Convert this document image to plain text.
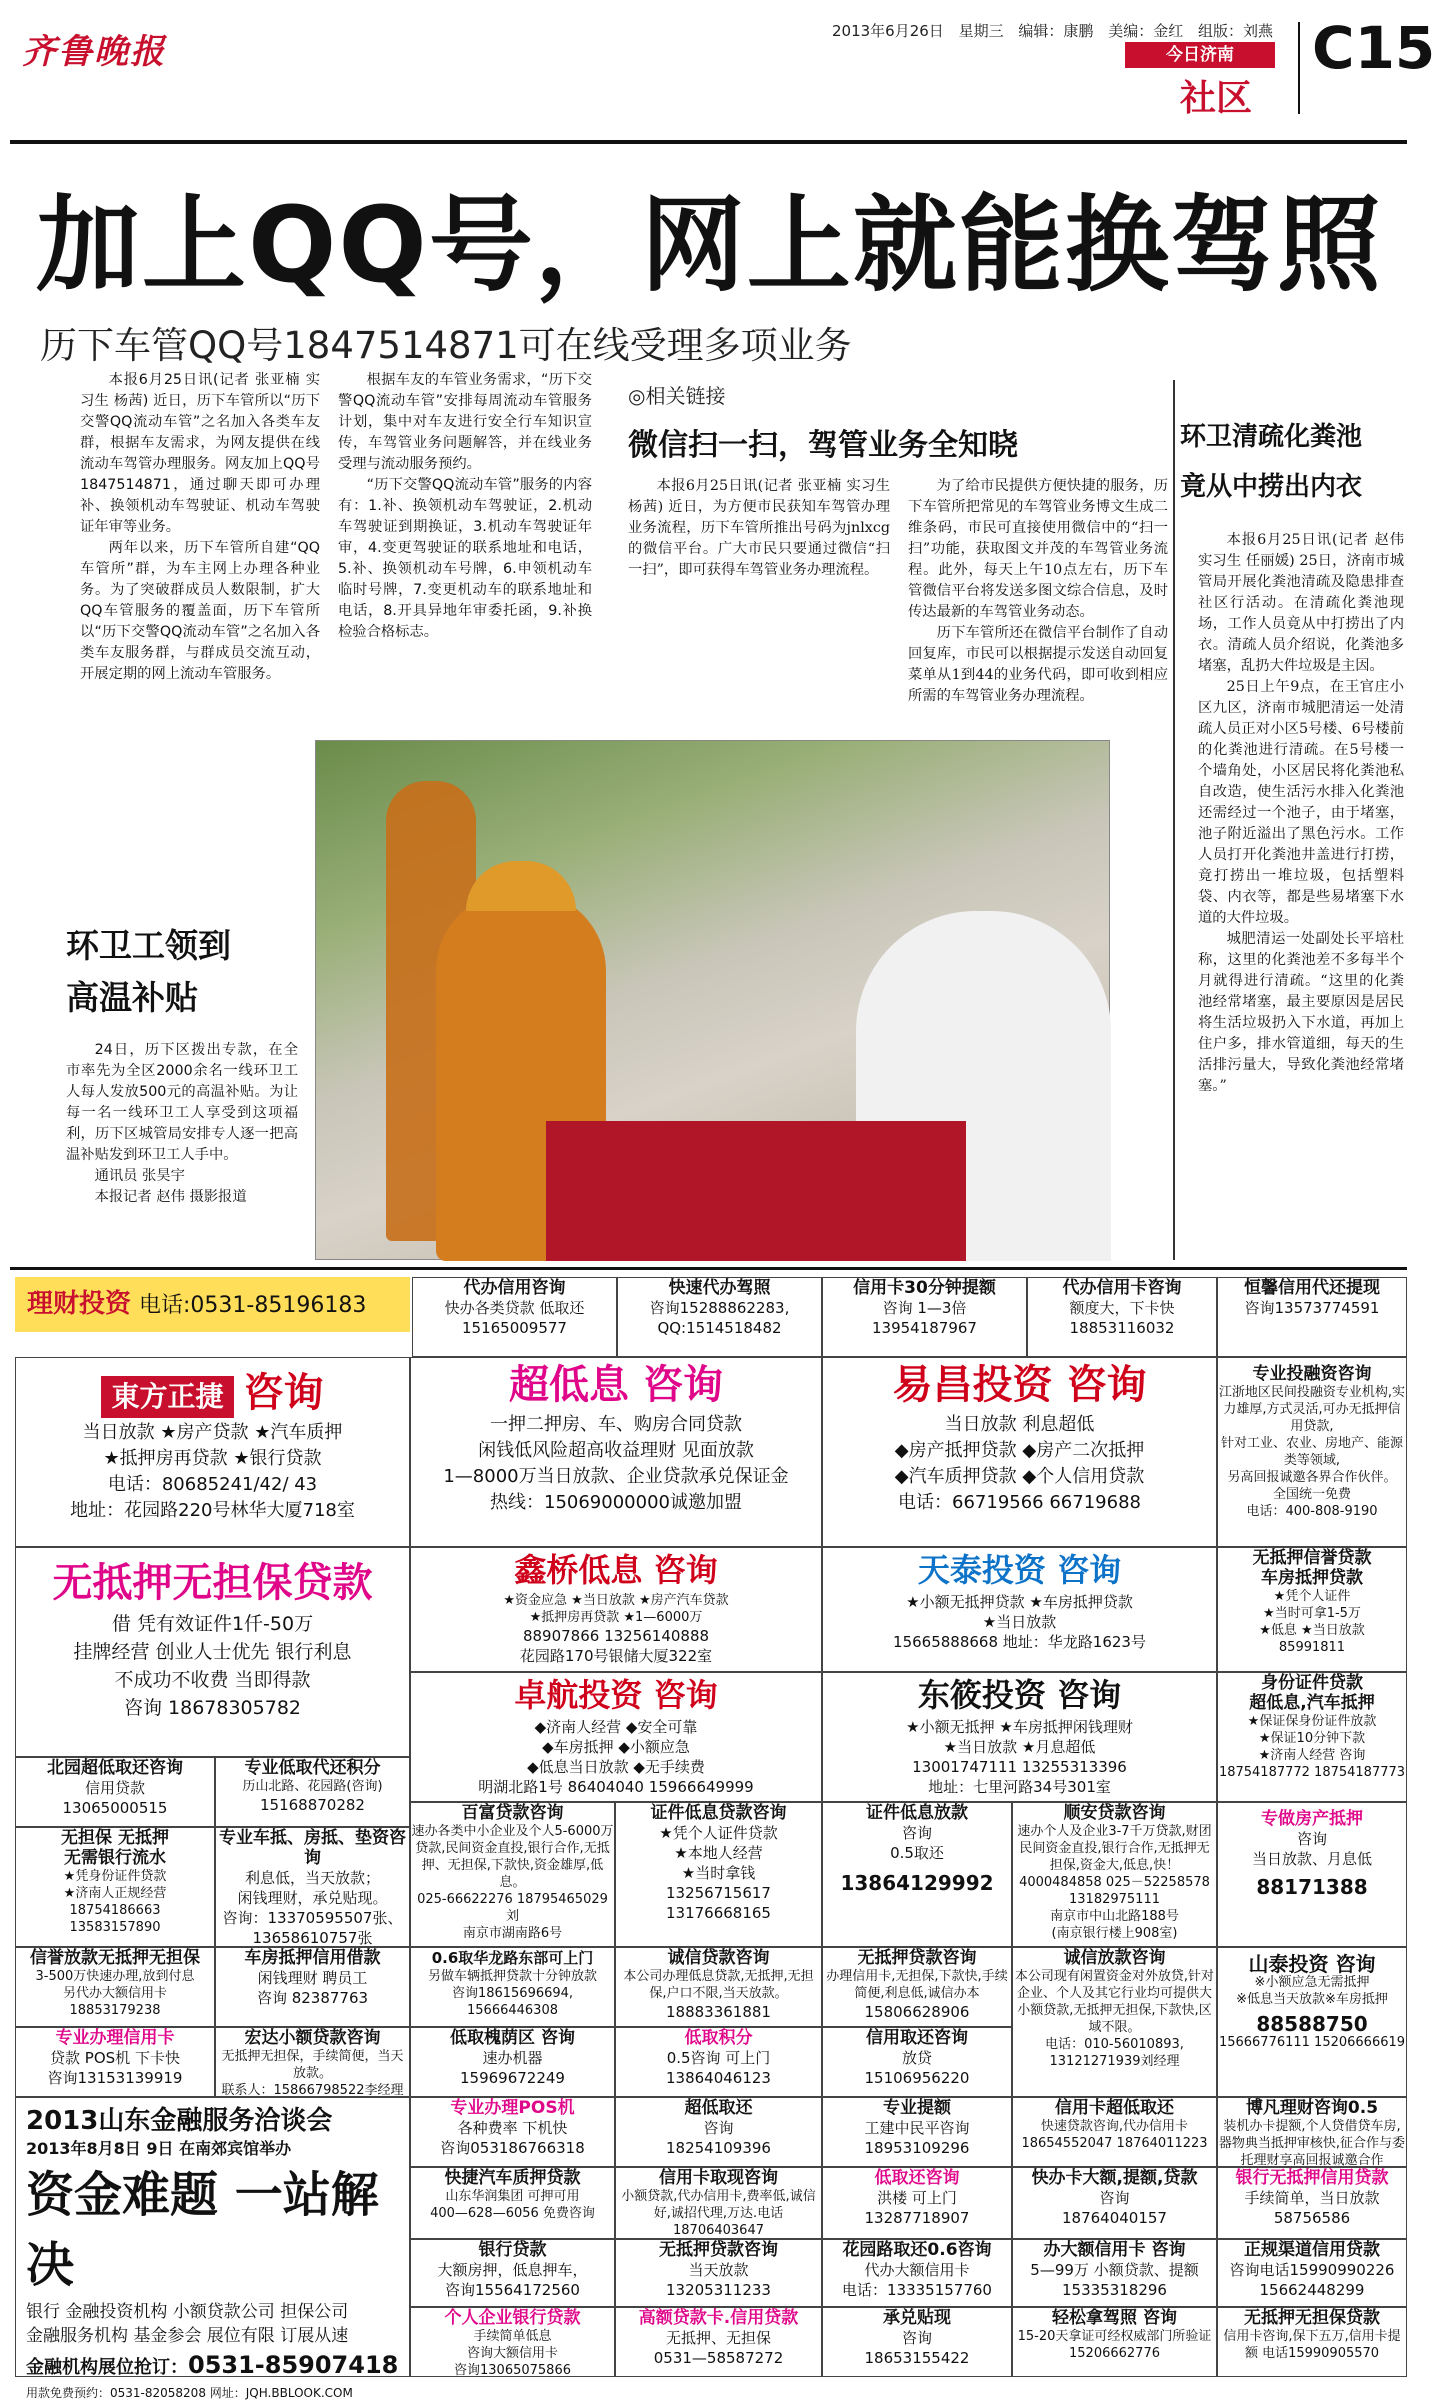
齐鲁晚报
2013年6月26日 星期三 编辑：康鹏 美编：金红 组版：刘燕
今日济南
社区
C15
加上QQ号，网上就能换驾照
历下车管QQ号1847514871可在线受理多项业务

本报6月25日讯(记者 张亚楠 实习生 杨茜) 近日，历下车管所以“历下交警QQ流动车管”之名加入各类车友群，根据车友需求，为网友提供在线流动车驾管办理服务。网友加上QQ号1847514871，通过聊天即可办理补、换领机动车驾驶证、机动车驾驶证年审等业务。

两年以来，历下车管所自建“QQ车管所”群，为车主网上办理各种业务。为了突破群成员人数限制，扩大QQ车管服务的覆盖面，历下车管所以“历下交警QQ流动车管”之名加入各类车友服务群，与群成员交流互动，开展定期的网上流动车管服务。

根据车友的车管业务需求，“历下交警QQ流动车管”安排每周流动车管服务计划，集中对车友进行安全行车知识宣传，车驾管业务问题解答，并在线业务受理与流动服务预约。

“历下交警QQ流动车管”服务的内容有：1.补、换领机动车驾驶证，2.机动车驾驶证到期换证，3.机动车驾驶证年审，4.变更驾驶证的联系地址和电话，5.补、换领机动车号牌，6.申领机动车临时号牌，7.变更机动车的联系地址和电话，8.开具异地年审委托函，9.补换检验合格标志。

◎相关链接
微信扫一扫，驾管业务全知晓

本报6月25日讯(记者 张亚楠 实习生 杨茜) 近日，为方便市民获知车驾管办理业务流程，历下车管所推出号码为jnlxcg的微信平台。广大市民只要通过微信“扫一扫”，即可获得车驾管业务办理流程。

为了给市民提供方便快捷的服务，历下车管所把常见的车驾管业务博文生成二维条码，市民可直接使用微信中的“扫一扫”功能，获取图文并茂的车驾管业务流程。此外，每天上午10点左右，历下车管微信平台将发送多图文综合信息，及时传达最新的车驾管业务动态。

历下车管所还在微信平台制作了自动回复库，市民可以根据提示发送自动回复菜单从1到44的业务代码，即可收到相应所需的车驾管业务办理流程。

环卫清疏化粪池
竟从中捞出内衣

本报6月25日讯(记者 赵伟 实习生 任丽媛) 25日，济南市城管局开展化粪池清疏及隐患排查社区行活动。在清疏化粪池现场，工作人员竟从中打捞出了内衣。清疏人员介绍说，化粪池多堵塞，乱扔大件垃圾是主因。

25日上午9点，在王官庄小区九区，济南市城肥清运一处清疏人员正对小区5号楼、6号楼前的化粪池进行清疏。在5号楼一个墙角处，小区居民将化粪池私自改造，使生活污水排入化粪池还需经过一个池子，由于堵塞，池子附近溢出了黑色污水。工作人员打开化粪池井盖进行打捞，竟打捞出一堆垃圾，包括塑料袋、内衣等，都是些易堵塞下水道的大件垃圾。

城肥清运一处副处长平培杜称，这里的化粪池差不多每半个月就得进行清疏。“这里的化粪池经常堵塞，最主要原因是居民将生活垃圾扔入下水道，再加上住户多，排水管道细，每天的生活排污量大，导致化粪池经常堵塞。”

环卫工领到
高温补贴

24日，历下区拨出专款，在全市率先为全区2000余名一线环卫工人每人发放500元的高温补贴。为让每一名一线环卫工人享受到这项福利，历下区城管局安排专人逐一把高温补贴发到环卫工人手中。

通讯员 张昊宇
本报记者 赵伟 摄影报道
理财投资 电话:0531-85196183
代办信用咨询
快办各类贷款 低取还
15165009577
快速代办驾照
咨询15288862283,
QQ:1514518482
信用卡30分钟提额
咨询 1—3倍
13954187967
代办信用卡咨询
额度大，下卡快
18853116032
恒馨信用代还提现
咨询13573774591
東方正捷 咨询
当日放款 ★房产贷款 ★汽车质押
★抵押房再贷款 ★银行贷款
电话：80685241/42/ 43
地址：花园路220号林华大厦718室
超低息 咨询
一押二押房、车、购房合同贷款
闲钱低风险超高收益理财 见面放款
1—8000万当日放款、企业贷款承兑保证金
热线：15069000000诚邀加盟
易昌投资 咨询
当日放款 利息超低
◆房产抵押贷款 ◆房产二次抵押
◆汽车质押贷款 ◆个人信用贷款
电话：66719566 66719688
专业投融资咨询
江浙地区民间投融资专业机构,实力雄厚,方式灵活,可办无抵押信用贷款,
针对工业、农业、房地产、能源类等领域,
另高回报诚邀各界合作伙伴。
全国统一免费
电话：400-808-9190
无抵押无担保贷款
借 凭有效证件1仟-50万
挂牌经营 创业人士优先 银行利息
不成功不收费 当即得款
咨询 18678305782
鑫桥低息 咨询
★资金应急 ★当日放款 ★房产汽车贷款
★抵押房再贷款 ★1—6000万
88907866 13256140888
花园路170号银储大厦322室
天泰投资 咨询
★小额无抵押贷款 ★车房抵押贷款
★当日放款
15665888668 地址：华龙路1623号
无抵押信誉贷款
车房抵押贷款
★凭个人证件
★当时可拿1-5万
★低息 ★当日放款
85991811
卓航投资 咨询
◆济南人经营 ◆安全可靠
◆车房抵押 ◆小额应急
◆低息当日放款 ◆无手续费
明湖北路1号 86404040 15966649999
东筱投资 咨询
★小额无抵押 ★车房抵押闲钱理财
★当日放款 ★月息超低
13001747111 13255313396
地址：七里河路34号301室
身份证件贷款
超低息,汽车抵押
★保证保身份证件放款
★保证10分钟下款
★济南人经营 咨询
18754187772 18754187773
北园超低取还咨询
信用贷款
13065000515
专业低取代还积分
历山北路、花园路(咨询)
15168870282
无担保 无抵押
无需银行流水
★凭身份证件贷款
★济南人正规经营
18754186663
13583157890
专业车抵、房抵、垫资咨询
利息低，当天放款；
闲钱理财，承兑贴现。
咨询：13370595507张、
13658610757张
百富贷款咨询
速办各类中小企业及个人5-6000万贷款,民间资金直投,银行合作,无抵押、无担保,下款快,资金雄厚,低息。
025-66622276 18795465029刘
南京市湖南路6号
证件低息贷款咨询
★凭个人证件贷款
★本地人经营
★当时拿钱
13256715617
13176668165
证件低息放款
咨询
0.5取还
13864129992
顺安贷款咨询
速办个人及企业3-7千万贷款,财团民间资金直投,银行合作,无抵押无担保,资金大,低息,快！
4000484858 025－52258578
13182975111
南京市中山北路188号
(南京银行楼上908室)
专做房产抵押
咨询
当日放款、月息低
88171388
信誉放款无抵押无担保
3-500万快速办理,放到付息
另代办大额信用卡
18853179238
车房抵押信用借款
闲钱理财 聘员工
咨询 82387763
0.6取华龙路东部可上门
另做车辆抵押贷款十分钟放款
咨询18615696694,
15666446308
诚信贷款咨询
本公司办理低息贷款,无抵押,无担保,户口不限,当天放款。
18883361881
无抵押贷款咨询
办理信用卡,无担保,下款快,手续简便,利息低,诚信办本
15806628906
诚信放款咨询
本公司现有闲置资金对外放贷,针对企业、个人及其它行业均可提供大小额贷款,无抵押无担保,下款快,区域不限。
电话：010-56010893,
13121271939刘经理
山泰投资 咨询
※小额应急无需抵押
※低息当天放款※车房抵押
88588750
15666776111 15206666619
专业办理信用卡
贷款 POS机 下卡快
咨询13153139919
宏达小额贷款咨询
无抵押无担保，手续简便，当天放款。
联系人：15866798522李经理
低取槐荫区 咨询
速办机器
15969672249
低取积分
0.5咨询 可上门
13864046123
信用取还咨询
放贷
15106956220
2013山东金融服务洽谈会
2013年8月8日 9日 在南郊宾馆举办
资金难题 一站解决
银行 金融投资机构 小额贷款公司 担保公司
金融服务机构 基金参会 展位有限 订展从速
金融机构展位抢订：0531-85907418
用款免费预约：0531-82058208 网址：JQH.BBLOOK.COM
专业办理POS机
各种费率 下机快
咨询053186766318
超低取还
咨询
18254109396
专业提额
工建中民平咨询
18953109296
信用卡超低取还
快速贷款咨询,代办信用卡
18654552047 18764011223
博凡理财咨询0.5
装机办卡提额,个人贷借贷车房,器物典当抵押审核快,征合作与委托理财享高回报诚邀合作
快捷汽车质押贷款
山东华润集团 可押可用
400—628—6056 免费咨询
信用卡取现咨询
小额贷款,代办信用卡,费率低,诚信好,诚招代理,万达.电话18706403647
低取还咨询
洪楼 可上门
13287718907
快办卡大额,提额,贷款
咨询
18764040157
银行无抵押信用贷款
手续简单，当日放款
58756586
银行贷款
大额房押，低息押车，
咨询15564172560
无抵押贷款咨询
当天放款
13205311233
花园路取还0.6咨询
代办大额信用卡
电话：13335157760
办大额信用卡 咨询
5—99万 小额贷款、提额
15335318296
正规渠道信用贷款
咨询电话15990990226
15662448299
个人企业银行贷款
手续简单低息
咨询大额信用卡
咨询13065075866
高额贷款卡.信用贷款
无抵押、无担保
0531—58587272
承兑贴现
咨询
18653155422
轻松拿驾照 咨询
15-20天拿证可经权威部门所验证15206662776
无抵押无担保贷款
信用卡咨询,保下五万,信用卡提额 电话15990905570
